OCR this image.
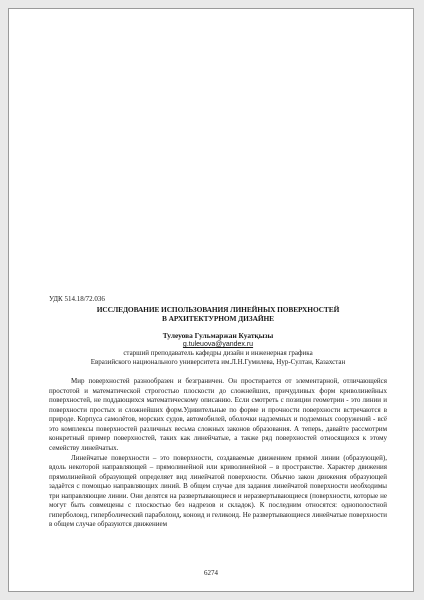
УДК 514.18/72.036

ИССЛЕДОВАНИЕ ИСПОЛЬЗОВАНИЯ ЛИНЕЙНЫХ ПОВЕРХНОСТЕЙ

В АРХИТЕКТУРНОМ ДИЗАЙНЕ

Тулеуова Гульмаржан Куатқызы

g.tuleuova@yandex.ru

старший преподаватель кафедры дизайн и инженерная графика

Евразийского национального университета им.Л.Н.Гумилева, Нур-Султан, Казахстан

Мир поверхностей разнообразен и безграничен. Он простирается от элементарной, отличающейся простотой и математической строгостью плоскости до сложнейших, причудливых форм криволинейных поверхностей, не поддающихся математическому описанию. Если смотреть с позиции геометрии - это линии и поверхности простых и сложнейших форм.Удивительные по форме и прочности поверхности встречаются в природе. Корпуса самолётов, морских судов, автомобилей, оболочки надземных и подземных сооружений - всё это комплексы поверхностей различных весьма сложных законов образования. А теперь, давайте рассмотрим конкретный пример поверхностей, таких как линейчатые, а также ряд поверхностей относящихся к этому семейству линейчатых.

Линейчатые поверхности – это поверхности, создаваемые движением прямой линии (образующей), вдоль некоторой направляющей – прямолинейной или криволинейной – в пространстве. Характер движения прямолинейной образующей определяет вид линейчатой поверхности. Обычно закон движения образующей задаётся с помощью направляющих линий. В общем случае для задания линейчатой поверхности необходимы три направляющие линии. Они делятся на развертывающиеся и неразвертывающиеся (поверхности, которые не могут быть совмещены с плоскостью без надрезов и складок). К последним относятся: однополостной гиперболоид, гиперболический параболоид, коноид и геликоид. Не развертывающиеся линейчатые поверхности в общем случае образуются движением

6274
